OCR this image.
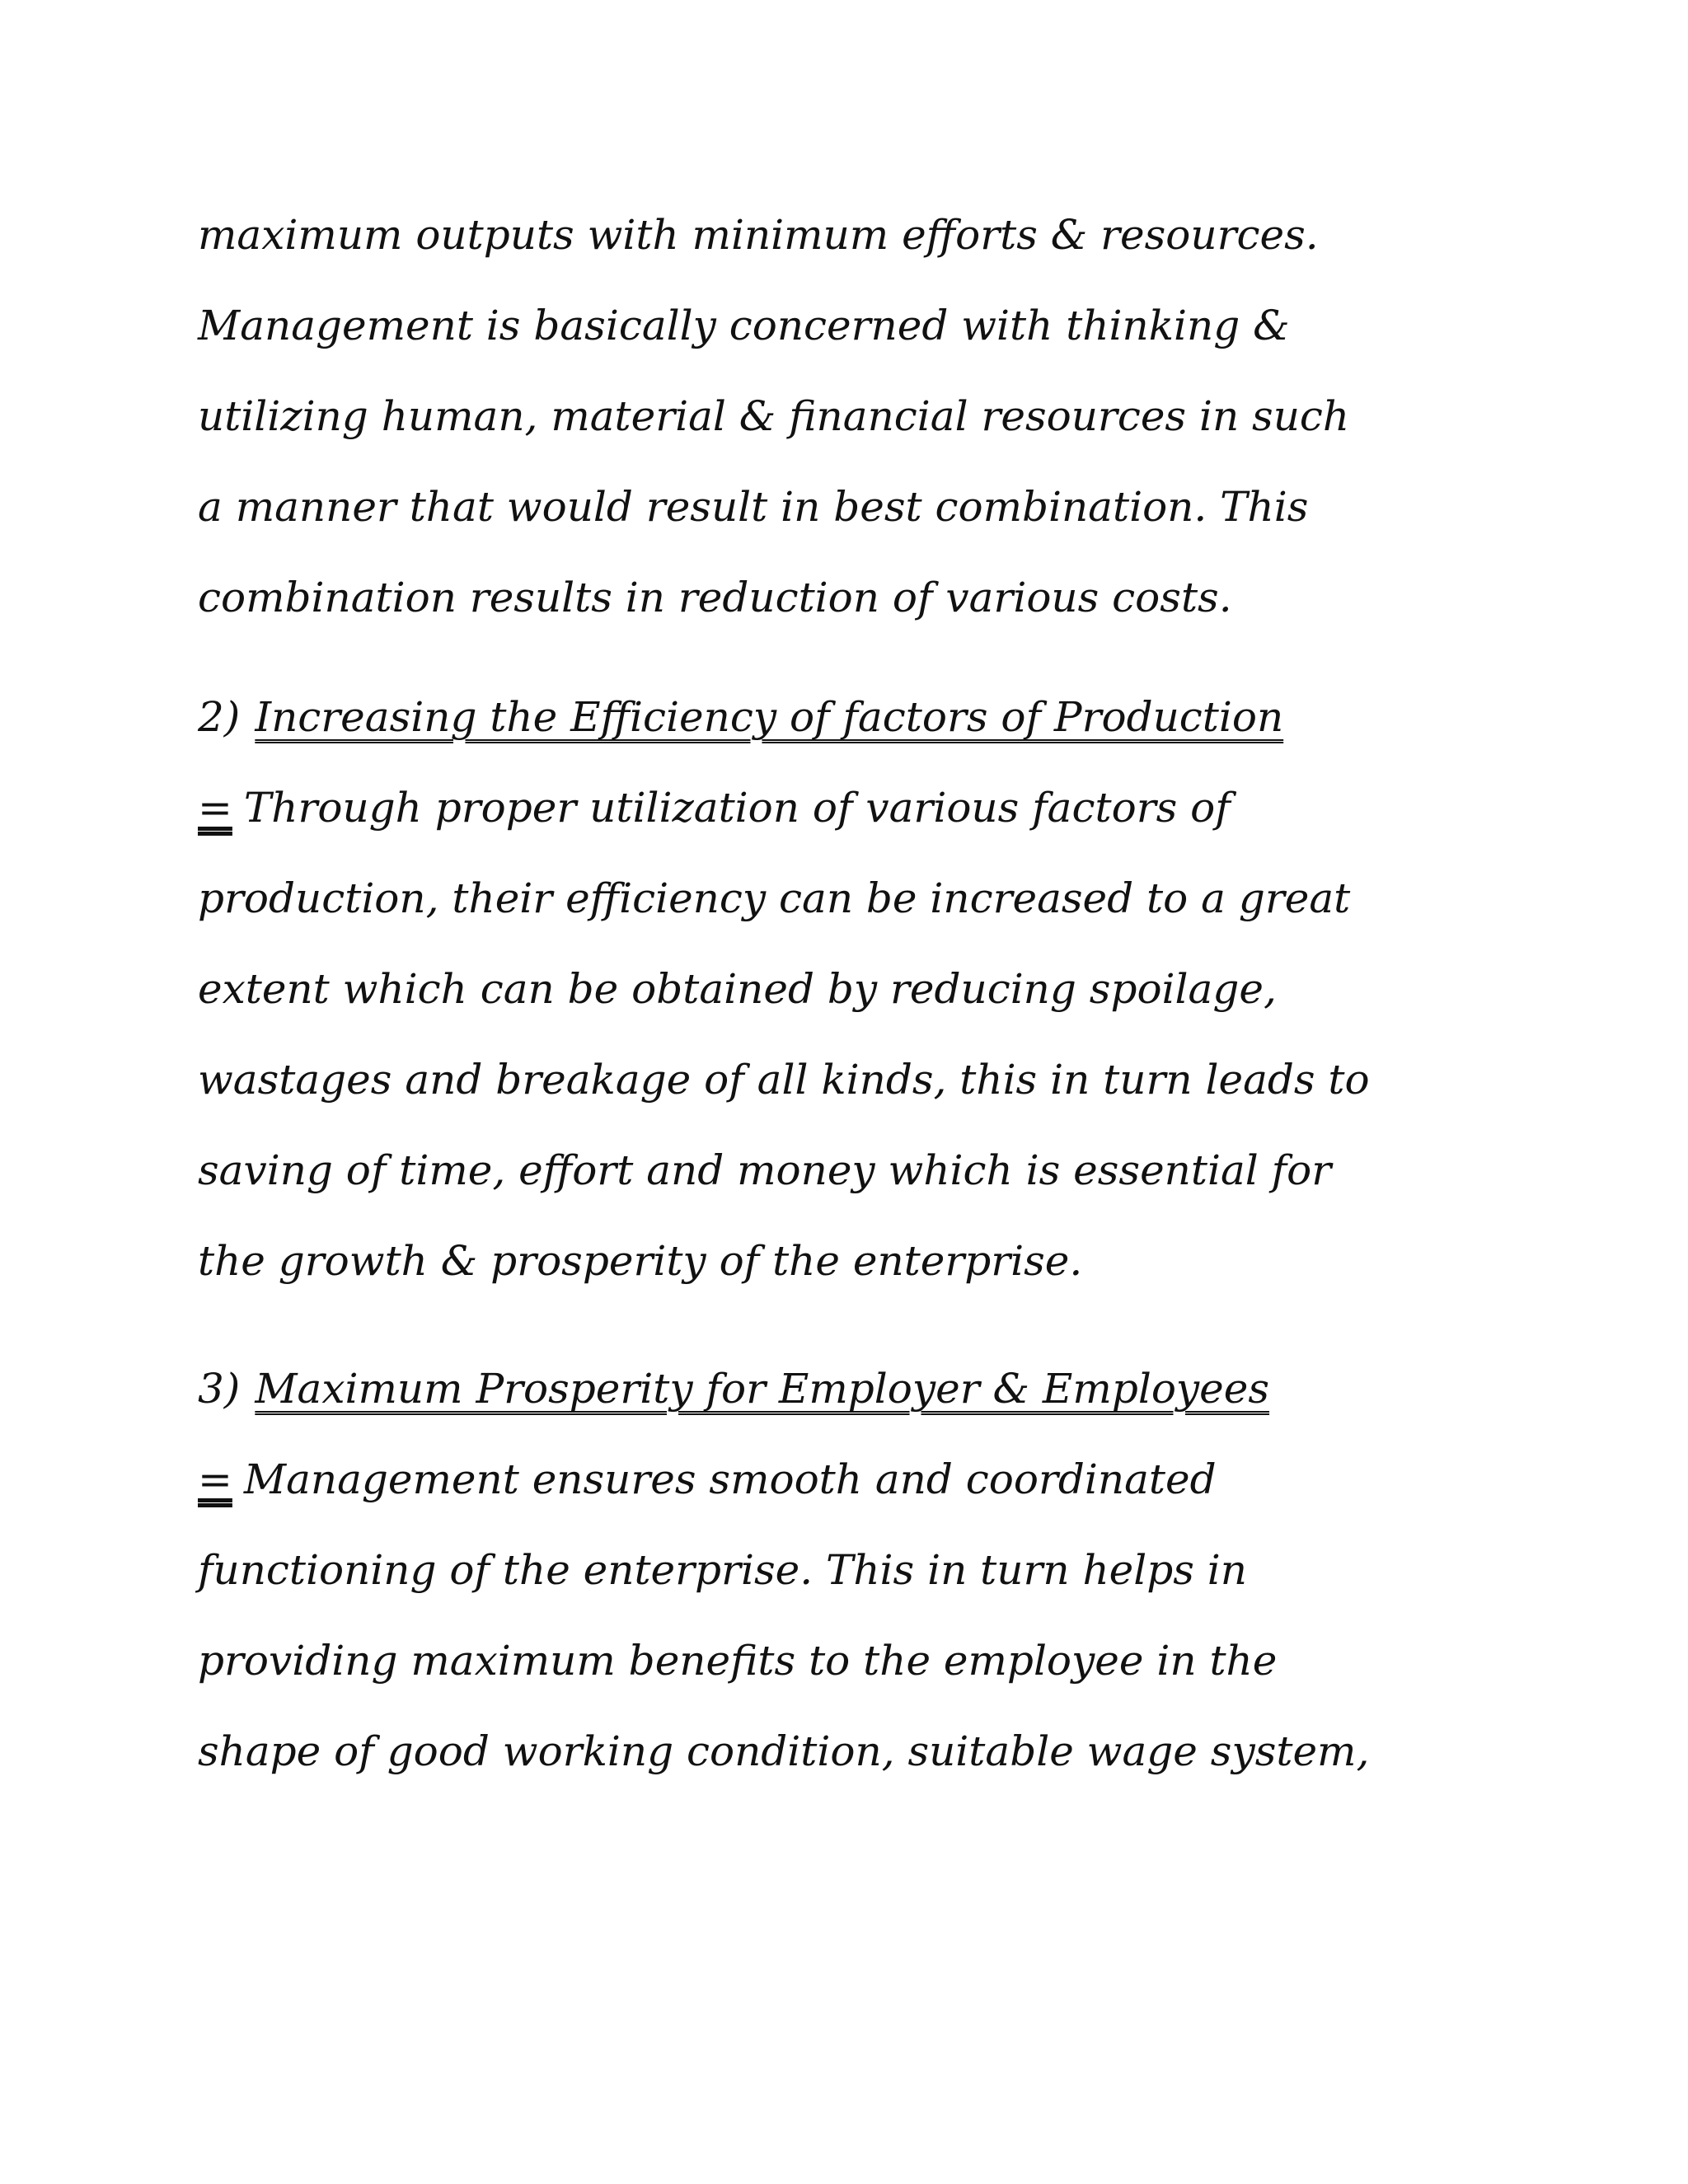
maximum outputs with minimum efforts & resources.
Management is basically concerned with thinking &
utilizing human, material & financial resources in such
a manner that would result in best combination. This
combination results in reduction of various costs.
2) Increasing the Efficiency of factors of Production
= Through proper utilization of various factors of
production, their efficiency can be increased to a great
extent which can be obtained by reducing spoilage,
wastages and breakage of all kinds, this in turn leads to
saving of time, effort and money which is essential for
the growth & prosperity of the enterprise.
3) Maximum Prosperity for Employer & Employees
= Management ensures smooth and coordinated
functioning of the enterprise. This in turn helps in
providing maximum benefits to the employee in the
shape of good working condition, suitable wage system,
